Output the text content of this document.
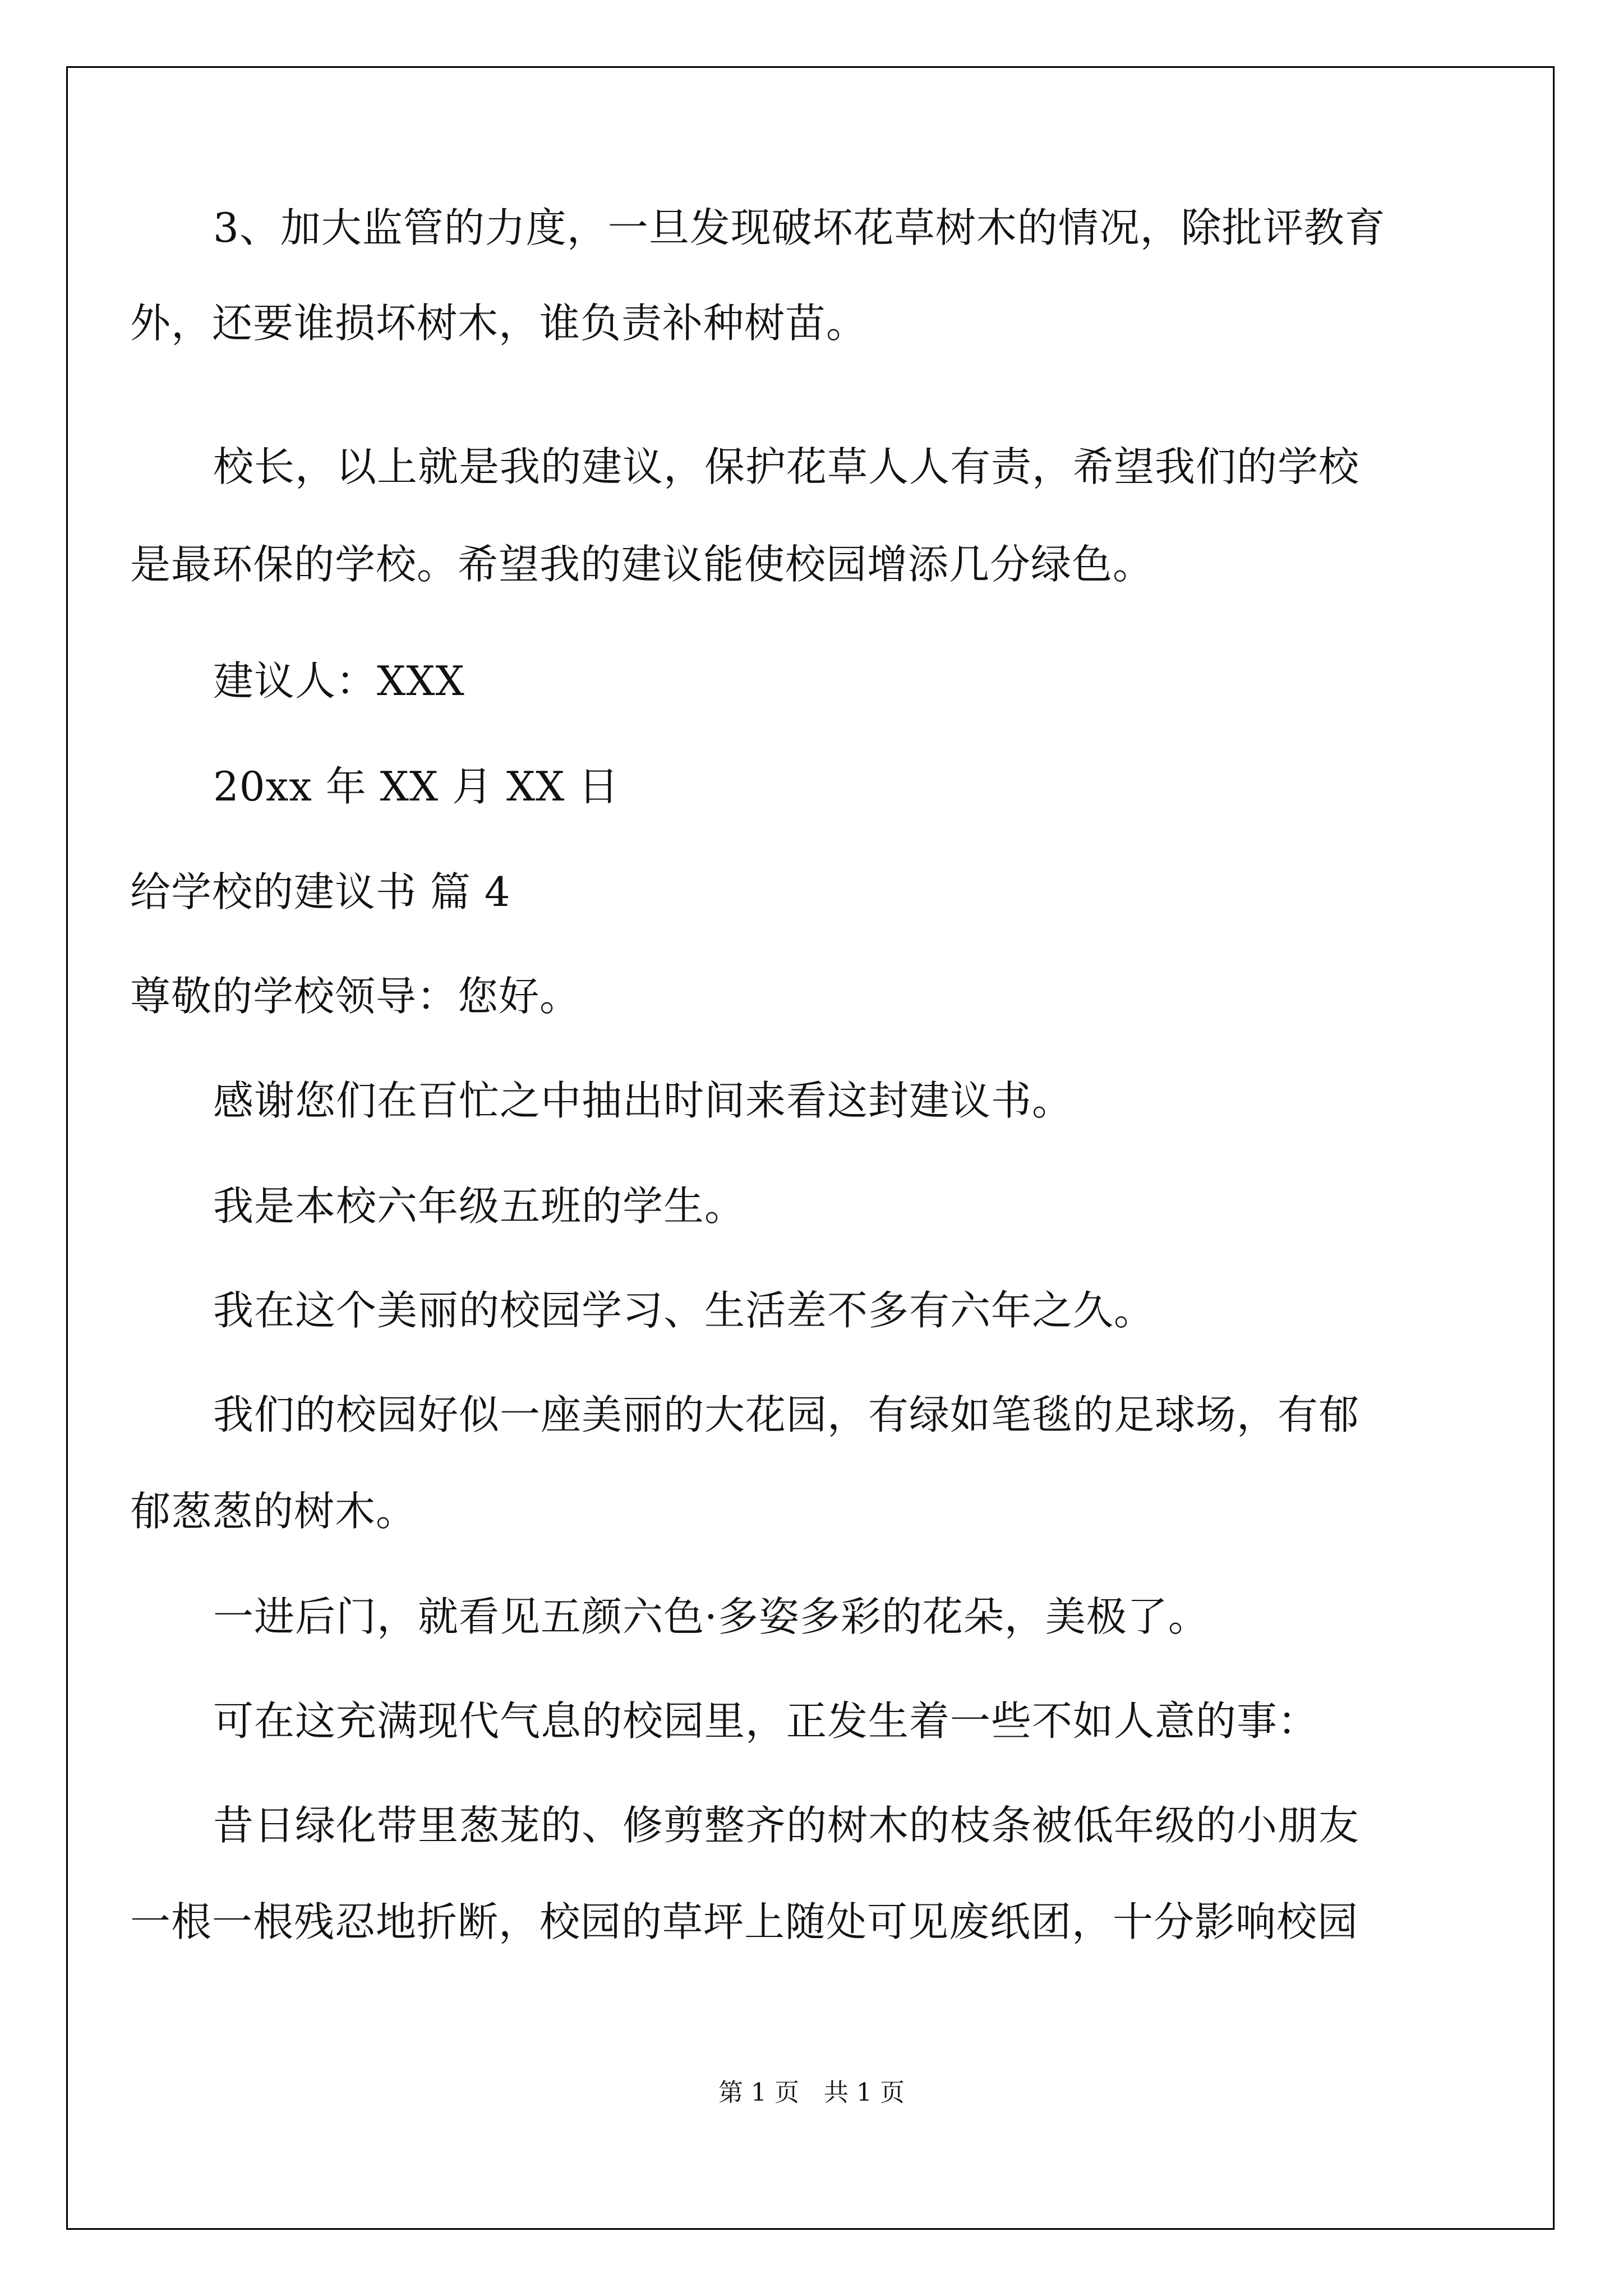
3、加大监管的力度，一旦发现破坏花草树木的情况，除批评教育
外，还要谁损坏树木，谁负责补种树苗。
校长，以上就是我的建议，保护花草人人有责，希望我们的学校
是最环保的学校。希望我的建议能使校园增添几分绿色。
建议人：XXX
20xx 年 XX 月 XX 日
给学校的建议书 篇 4
尊敬的学校领导：您好。
感谢您们在百忙之中抽出时间来看这封建议书。
我是本校六年级五班的学生。
我在这个美丽的校园学习、生活差不多有六年之久。
我们的校园好似一座美丽的大花园，有绿如笔毯的足球场，有郁
郁葱葱的树木。
一进后门，就看见五颜六色·多姿多彩的花朵，美极了。
可在这充满现代气息的校园里，正发生着一些不如人意的事：
昔日绿化带里葱茏的、修剪整齐的树木的枝条被低年级的小朋友
一根一根残忍地折断，校园的草坪上随处可见废纸团，十分影响校园
第 1 页　共 1 页
